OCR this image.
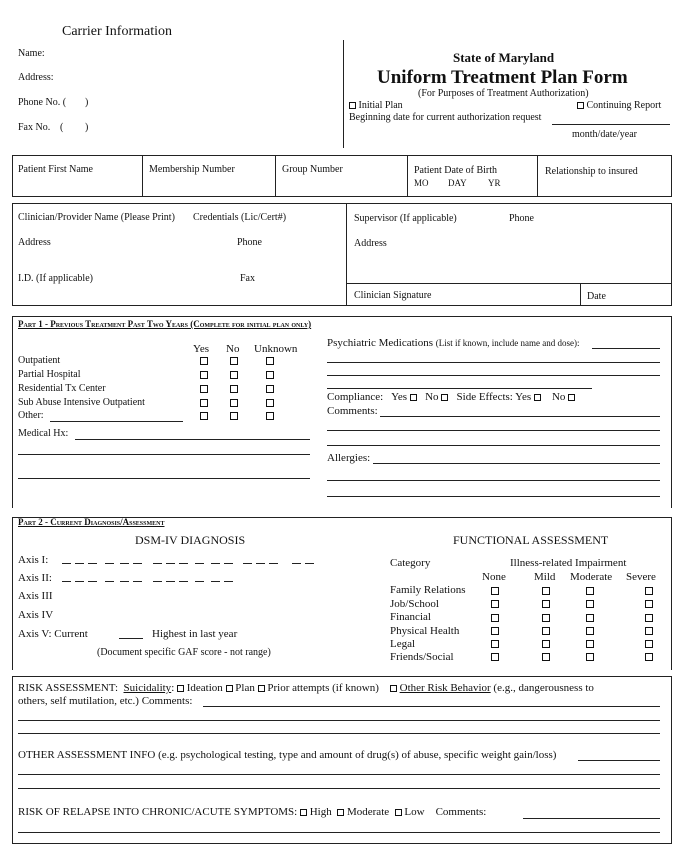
Carrier Information
Name:
Address:
Phone No. ( )
Fax No. ( )
State of Maryland
Uniform Treatment Plan Form
(For Purposes of Treatment Authorization)
Initial Plan	Continuing Report
Beginning date for current authorization request
month/date/year
Patient First Name	Membership Number	Group Number	Patient Date of Birth
MO DAY YR
Relationship to insured
Clinician/Provider Name (Please Print) Credentials (Lic/Cert#)
Address	Phone
I.D. (If applicable)	Fax
Supervisor (If applicable)	Phone
Address
Clinician Signature	Date
Part 1 - Previous Treatment Past Two Years (Complete for initial plan only)
Yes No Unknown
Outpatient
Partial Hospital
Residential Tx Center
Sub Abuse Intensive Outpatient
Other:
Medical Hx:
Psychiatric Medications (List if known, include name and dose):
Compliance: Yes No Side Effects: Yes No
Comments:
Allergies:
Part 2 - Current Diagnosis/Assessment
DSM-IV DIAGNOSIS
Axis I:
Axis II:
Axis III
Axis IV
Axis V: Current	Highest in last year
(Document specific GAF score - not range)
FUNCTIONAL ASSESSMENT
Category	Illness-related Impairment
None	Mild Moderate Severe
Family Relations
Job/School
Financial
Physical Health
Legal
Friends/Social
RISK ASSESSMENT: Suicidality: Ideation Plan Prior attempts (if known) Other Risk Behavior (e.g., dangerousness to
others, self mutilation, etc.) Comments:
OTHER ASSESSMENT INFO (e.g. psychological testing, type and amount of drug(s) of abuse, specific weight gain/loss)
RISK OF RELAPSE INTO CHRONIC/ACUTE SYMPTOMS: High Moderate Low Comments:
